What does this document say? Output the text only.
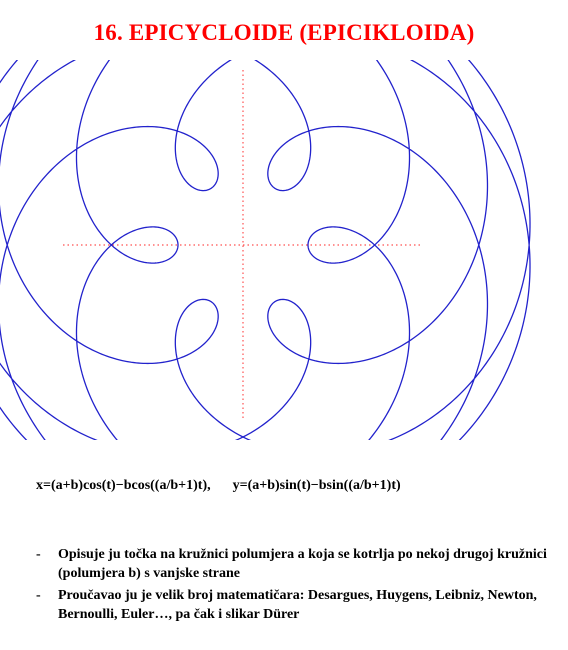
16. EPICYCLOIDE (EPICIKLOIDA)
x=(a+b)cos(t)−bcos((a/b+1)t), y=(a+b)sin(t)−bsin((a/b+1)t)
- Opisuje ju točka na kružnici polumjera a koja se kotrlja po nekoj drugoj kružnici (polumjera b) s vanjske strane
- Proučavao ju je velik broj matematičara: Desargues, Huygens, Leibniz, Newton, Bernoulli, Euler…, pa čak i slikar Dürer
